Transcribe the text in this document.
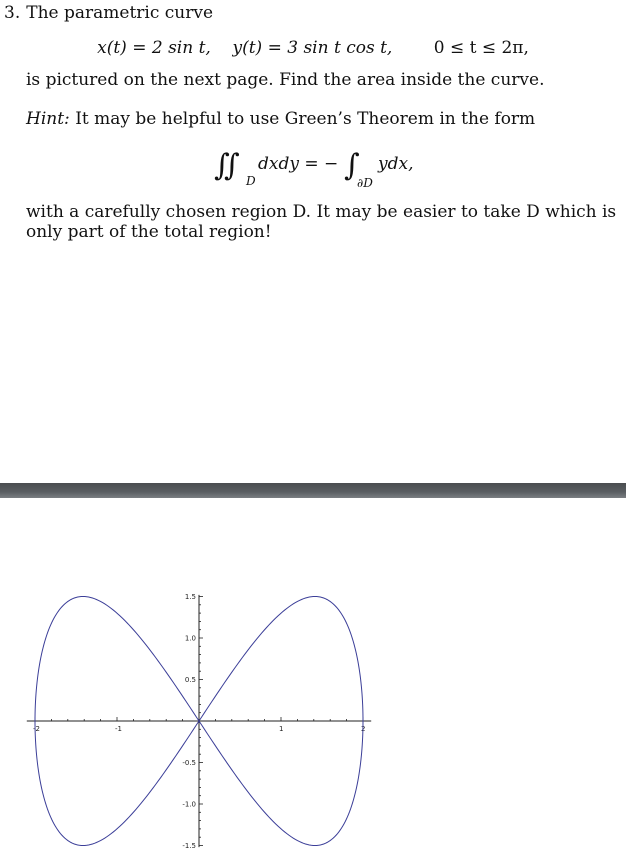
3. The parametric curve
x(t) = 2 sin t, y(t) = 3 sin t cos t, 0 ≤ t ≤ 2π,
is pictured on the next page. Find the area inside the curve.
Hint: It may be helpful to use Green’s Theorem in the form
∬ D
dxdy = − ∫
∂D
ydx,
with a carefully chosen region D. It may be easier to take D which is
only part of the total region!
-2	-1	1	2
1.5
1.0
0.5
-0.5
-1.0
-1.5
